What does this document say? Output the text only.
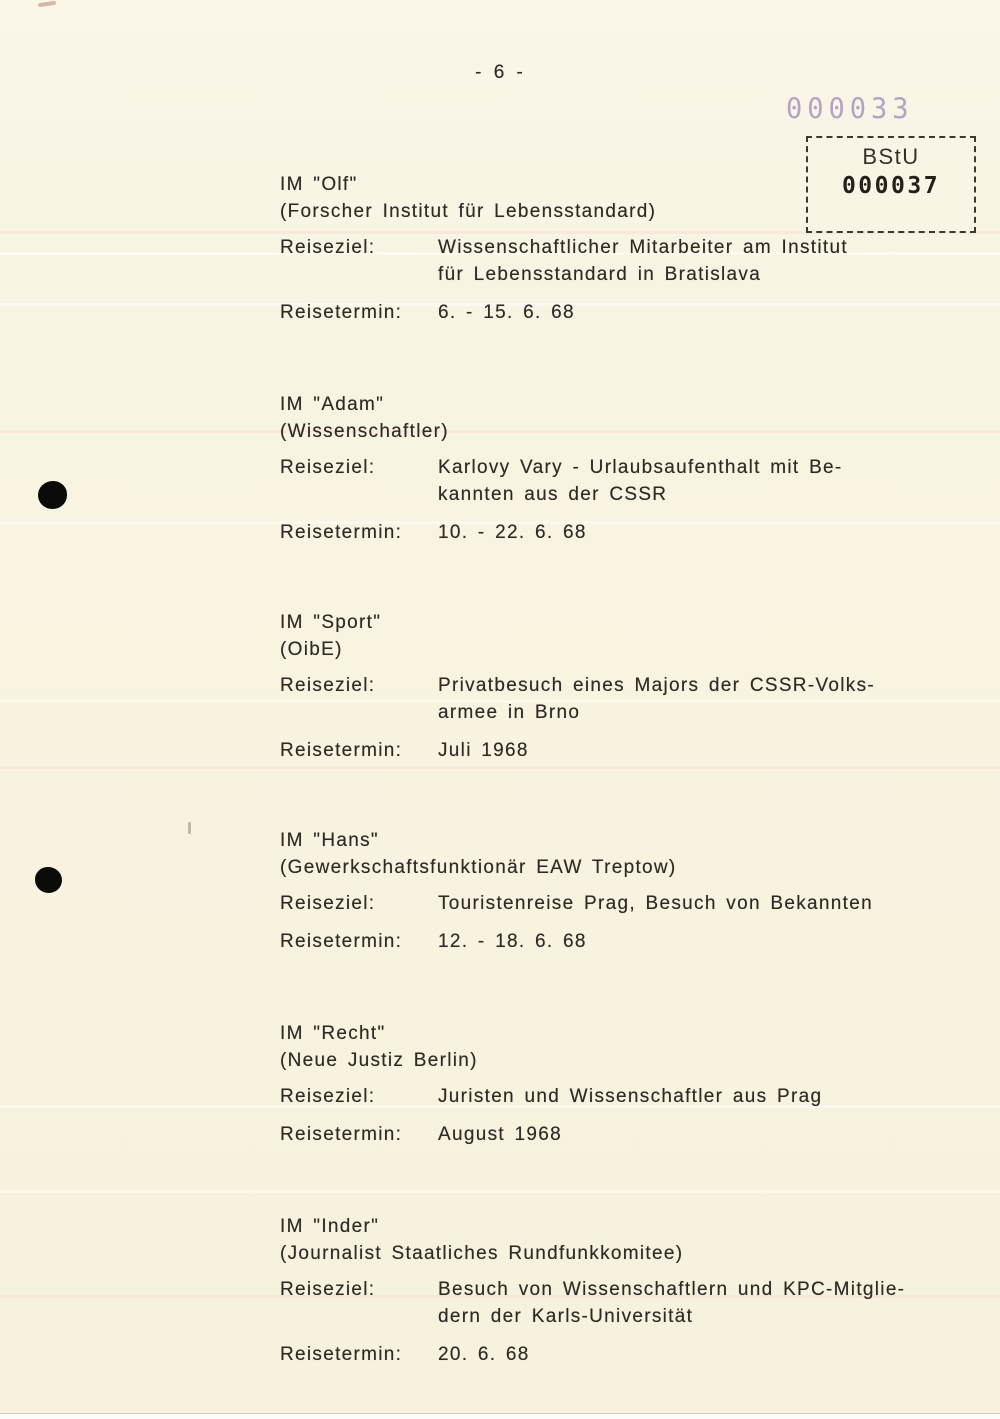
- 6 -
000033
BStU
000037
IM "Olf"
(Forscher Institut für Lebensstandard)
Reiseziel:	Wissenschaftlicher Mitarbeiter am Institut
für Lebensstandard in Bratislava
Reisetermin:	6. - 15. 6. 68
IM "Adam"
(Wissenschaftler)
Reiseziel:	Karlovy Vary - Urlaubsaufenthalt mit Be-
kannten aus der CSSR
Reisetermin:	10. - 22. 6. 68
IM "Sport"
(OibE)
Reiseziel:	Privatbesuch eines Majors der CSSR-Volks-
armee in Brno
Reisetermin:	Juli 1968
IM "Hans"
(Gewerkschaftsfunktionär EAW Treptow)
Reiseziel:	Touristenreise Prag, Besuch von Bekannten
Reisetermin:	12. - 18. 6. 68
IM "Recht"
(Neue Justiz Berlin)
Reiseziel:	Juristen und Wissenschaftler aus Prag
Reisetermin:	August 1968
IM "Inder"
(Journalist Staatliches Rundfunkkomitee)
Reiseziel:	Besuch von Wissenschaftlern und KPC-Mitglie-
dern der Karls-Universität
Reisetermin:	20. 6. 68
